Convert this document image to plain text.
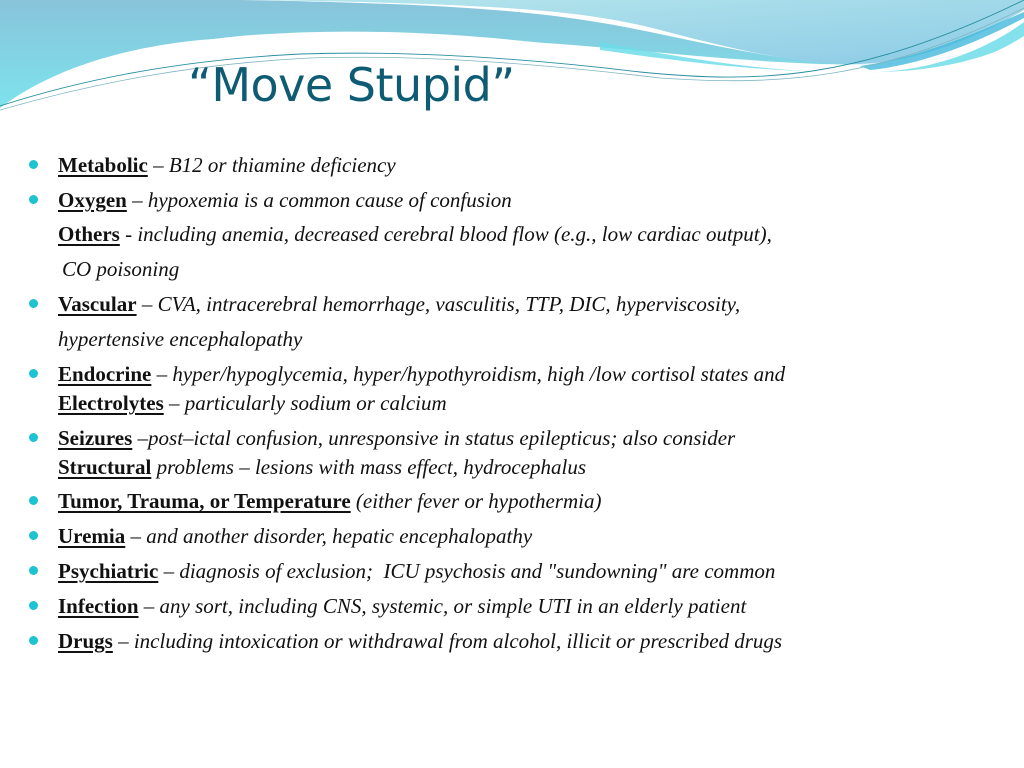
“Move Stupid”
Metabolic – B12 or thiamine deficiency
Oxygen – hypoxemia is a common cause of confusion
Others - including anemia, decreased cerebral blood flow (e.g., low cardiac output),
CO poisoning
Vascular – CVA, intracerebral hemorrhage, vasculitis, TTP, DIC, hyperviscosity,
hypertensive encephalopathy
Endocrine – hyper/hypoglycemia, hyper/hypothyroidism, high /low cortisol states and
Electrolytes – particularly sodium or calcium
Seizures –post–ictal confusion, unresponsive in status epilepticus; also consider
Structural problems – lesions with mass effect, hydrocephalus
Tumor, Trauma, or Temperature (either fever or hypothermia)
Uremia – and another disorder, hepatic encephalopathy
Psychiatric – diagnosis of exclusion;  ICU psychosis and "sundowning" are common
Infection – any sort, including CNS, systemic, or simple UTI in an elderly patient
Drugs – including intoxication or withdrawal from alcohol, illicit or prescribed drugs
